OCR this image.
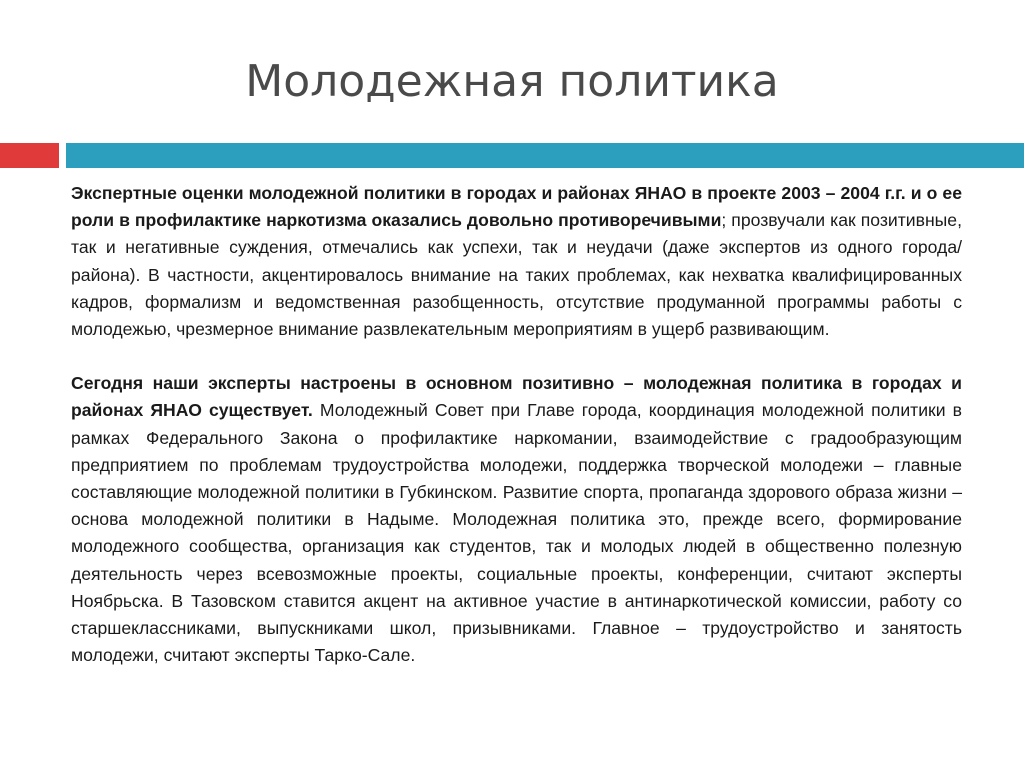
Молодежная политика

Экспертные оценки молодежной политики в городах и районах ЯНАО в проекте 2003 – 2004 г.г. и о ее роли в профилактике наркотизма оказались довольно противоречивыми; прозвучали как позитивные, так и негативные суждения, отмечались как успехи, так и неудачи (даже экспертов из одного города/района). В частности, акцентировалось внимание на таких проблемах, как нехватка квалифицированных кадров, формализм и ведомственная разобщенность, отсутствие продуманной программы работы с молодежью, чрезмерное внимание развлекательным мероприятиям в ущерб развивающим.

Сегодня наши эксперты настроены в основном позитивно – молодежная политика в городах и районах ЯНАО существует. Молодежный Совет при Главе города, координация молодежной политики в рамках Федерального Закона о профилактике наркомании, взаимодействие с градообразующим предприятием по проблемам трудоустройства молодежи, поддержка творческой молодежи – главные составляющие молодежной политики в Губкинском. Развитие спорта, пропаганда здорового образа жизни – основа молодежной политики в Надыме. Молодежная политика это, прежде всего, формирование молодежного сообщества, организация как студентов, так и молодых людей в общественно полезную деятельность через всевозможные проекты, социальные проекты, конференции, считают эксперты Ноябрьска. В Тазовском ставится акцент на активное участие в антинаркотической комиссии, работу со старшеклассниками, выпускниками школ, призывниками. Главное – трудоустройство и занятость молодежи, считают эксперты Тарко-Сале.
